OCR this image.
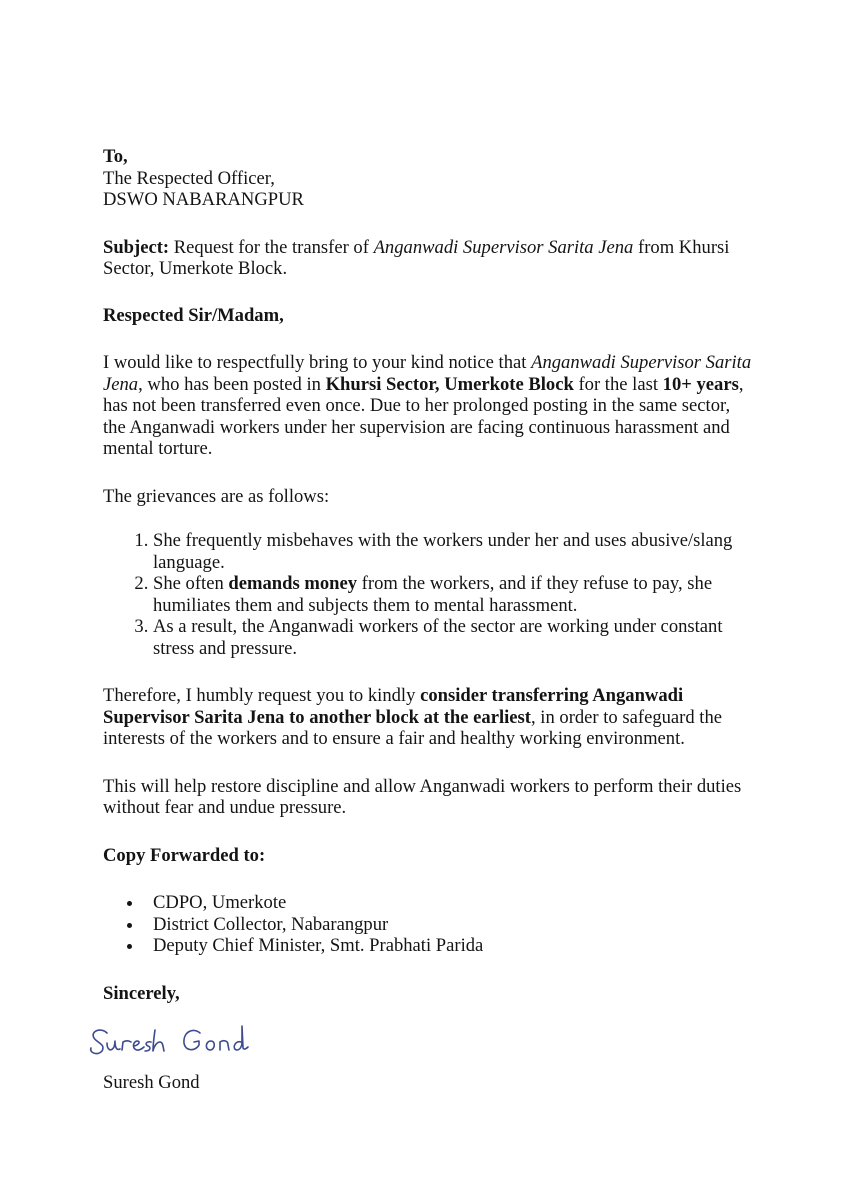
To,

The Respected Officer,

DSWO NABARANGPUR

Subject: Request for the transfer of Anganwadi Supervisor Sarita Jena from Khursi Sector, Umerkote Block.

Respected Sir/Madam,

I would like to respectfully bring to your kind notice that Anganwadi Supervisor Sarita Jena, who has been posted in Khursi Sector, Umerkote Block for the last 10+ years, has not been transferred even once. Due to her prolonged posting in the same sector, the Anganwadi workers under her supervision are facing continuous harassment and mental torture.

The grievances are as follows:

1. She frequently misbehaves with the workers under her and uses abusive/slang language.
2. She often demands money from the workers, and if they refuse to pay, she humiliates them and subjects them to mental harassment.
3. As a result, the Anganwadi workers of the sector are working under constant stress and pressure.

Therefore, I humbly request you to kindly consider transferring Anganwadi Supervisor Sarita Jena to another block at the earliest, in order to safeguard the interests of the workers and to ensure a fair and healthy working environment.

This will help restore discipline and allow Anganwadi workers to perform their duties without fear and undue pressure.

Copy Forwarded to:

CDPO, Umerkote
District Collector, Nabarangpur
Deputy Chief Minister, Smt. Prabhati Parida

Sincerely,

Suresh Gond
